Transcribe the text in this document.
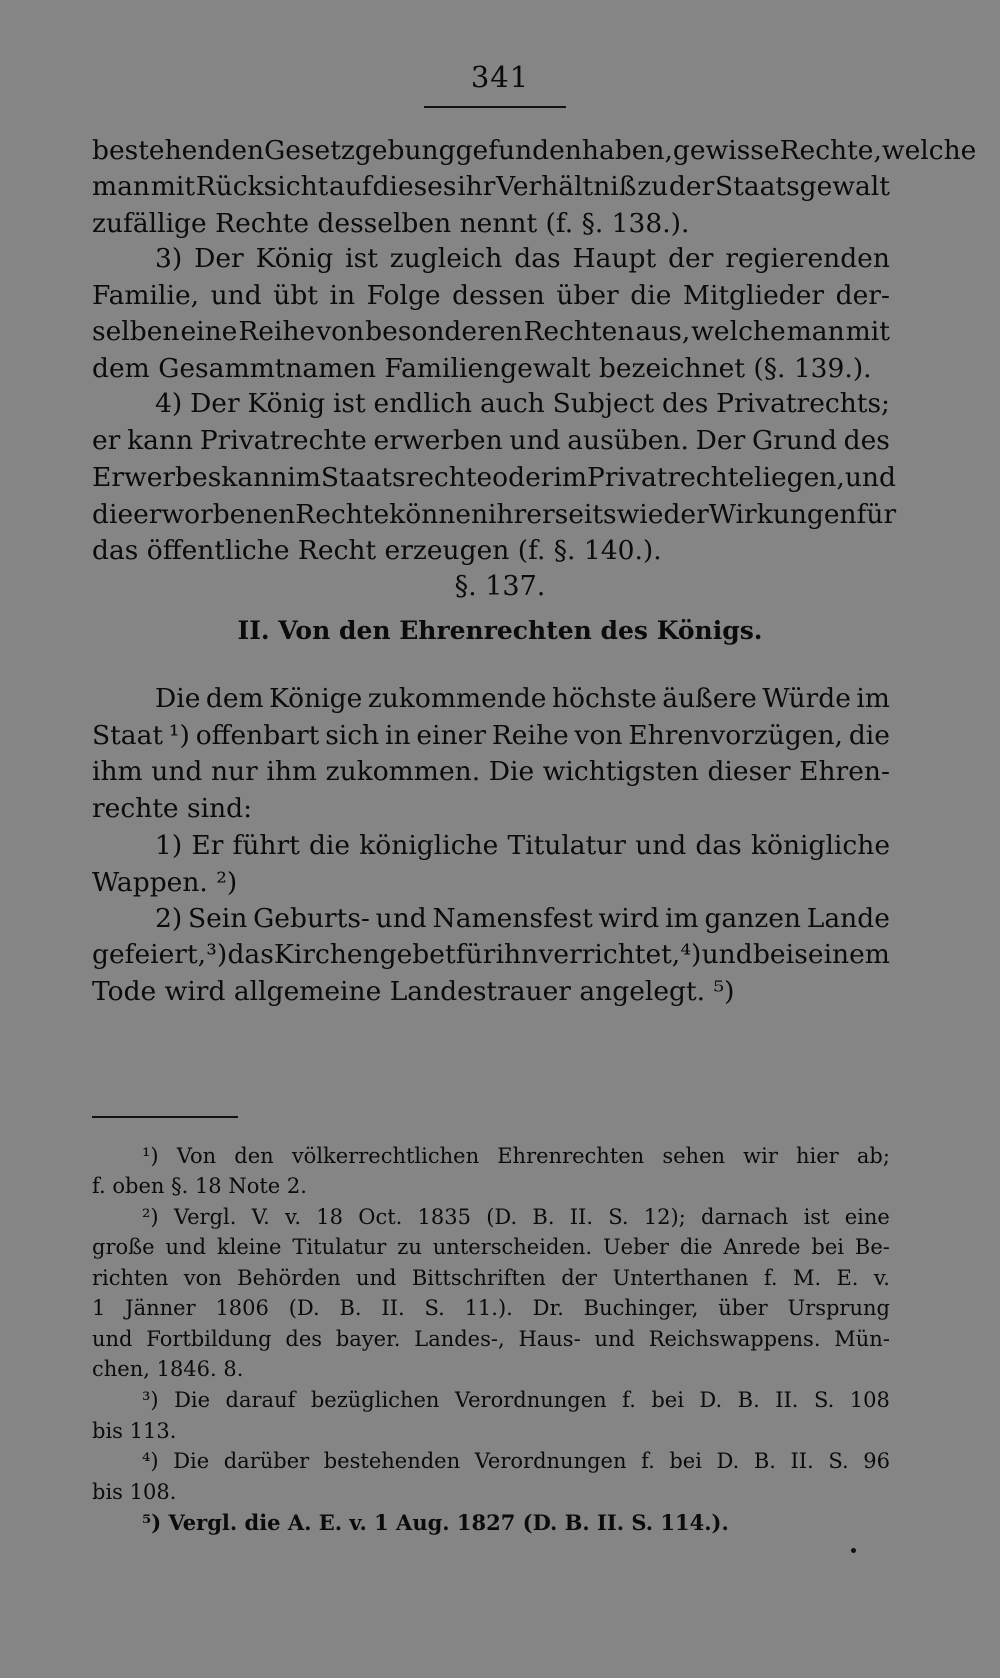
341
bestehenden Gesetzgebung gefunden haben, gewisse Rechte, welche
man mit Rücksicht auf dieses ihr Verhältniß zu der Staatsgewalt
zufällige Rechte desselben nennt (f. §. 138.).
3) Der König ist zugleich das Haupt der regierenden
Familie, und übt in Folge dessen über die Mitglieder der-
selben eine Reihe von besonderen Rechten aus, welche man mit
dem Gesammtnamen Familiengewalt bezeichnet (§. 139.).
4) Der König ist endlich auch Subject des Privatrechts;
er kann Privatrechte erwerben und ausüben. Der Grund des
Erwerbes kann im Staatsrechte oder im Privatrechte liegen, und
die erworbenen Rechte können ihrerseits wieder Wirkungen für
das öffentliche Recht erzeugen (f. §. 140.).
Die dem Könige zukommende höchste äußere Würde im
Staat ¹) offenbart sich in einer Reihe von Ehrenvorzügen, die
ihm und nur ihm zukommen. Die wichtigsten dieser Ehren-
rechte sind:
1) Er führt die königliche Titulatur und das königliche
Wappen. ²)
2) Sein Geburts- und Namensfest wird im ganzen Lande
gefeiert, ³) das Kirchengebet für ihn verrichtet, ⁴) und bei seinem
Tode wird allgemeine Landestrauer angelegt. ⁵)
§. 137.
II. Von den Ehrenrechten des Königs.
¹) Von den völkerrechtlichen Ehrenrechten sehen wir hier ab;
f. oben §. 18 Note 2.
²) Vergl. V. v. 18 Oct. 1835 (D. B. II. S. 12); darnach ist eine
große und kleine Titulatur zu unterscheiden. Ueber die Anrede bei Be-
richten von Behörden und Bittschriften der Unterthanen f. M. E. v.
1 Jänner 1806 (D. B. II. S. 11.). Dr. Buchinger, über Ursprung
und Fortbildung des bayer. Landes-, Haus- und Reichswappens. Mün-
chen, 1846. 8.
³) Die darauf bezüglichen Verordnungen f. bei D. B. II. S. 108
bis 113.
⁴) Die darüber bestehenden Verordnungen f. bei D. B. II. S. 96
bis 108.
⁵) Vergl. die A. E. v. 1 Aug. 1827 (D. B. II. S. 114.).
